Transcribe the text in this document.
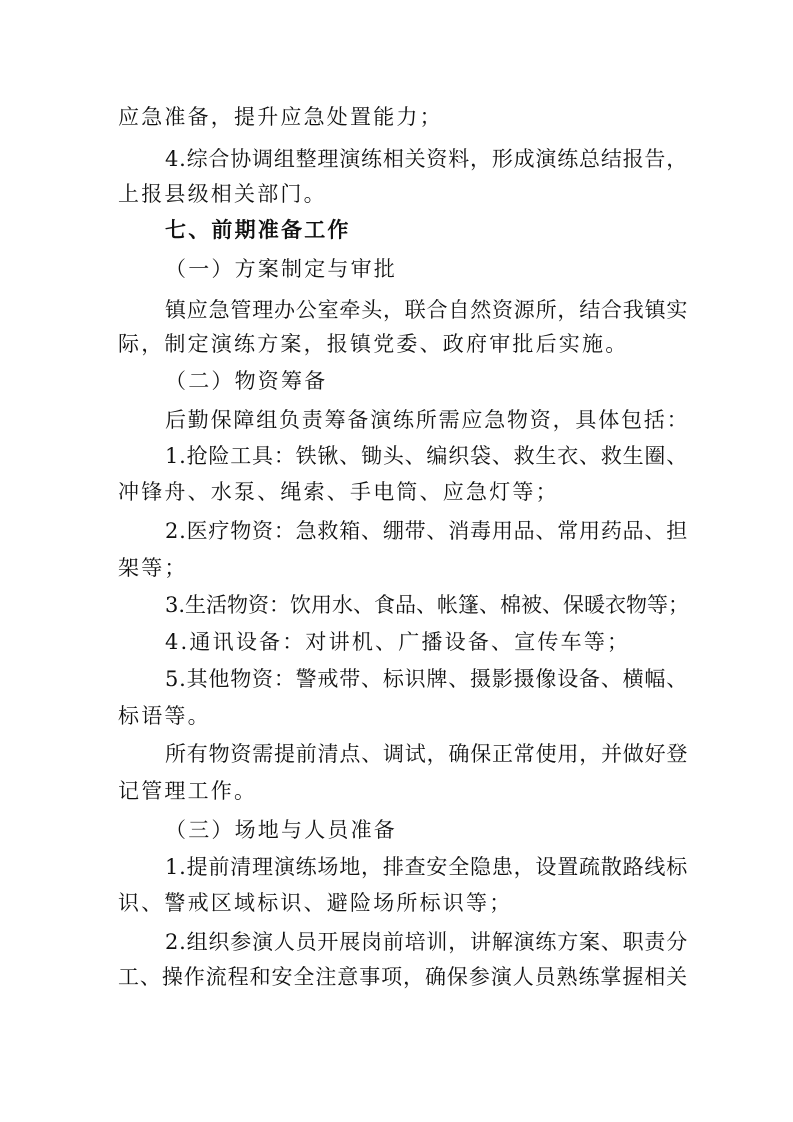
应急准备，提升应急处置能力；
4.综合协调组整理演练相关资料，形成演练总结报告，
上报县级相关部门。
七、前期准备工作
（一）方案制定与审批
镇应急管理办公室牵头，联合自然资源所，结合我镇实
际，制定演练方案，报镇党委、政府审批后实施。
（二）物资筹备
后勤保障组负责筹备演练所需应急物资，具体包括：
1.抢险工具：铁锹、锄头、编织袋、救生衣、救生圈、
冲锋舟、水泵、绳索、手电筒、应急灯等；
2.医疗物资：急救箱、绷带、消毒用品、常用药品、担
架等；
3.生活物资：饮用水、食品、帐篷、棉被、保暖衣物等；
4.通讯设备：对讲机、广播设备、宣传车等；
5.其他物资：警戒带、标识牌、摄影摄像设备、横幅、
标语等。
所有物资需提前清点、调试，确保正常使用，并做好登
记管理工作。
（三）场地与人员准备
1.提前清理演练场地，排查安全隐患，设置疏散路线标
识、警戒区域标识、避险场所标识等；
2.组织参演人员开展岗前培训，讲解演练方案、职责分
工、操作流程和安全注意事项，确保参演人员熟练掌握相关
